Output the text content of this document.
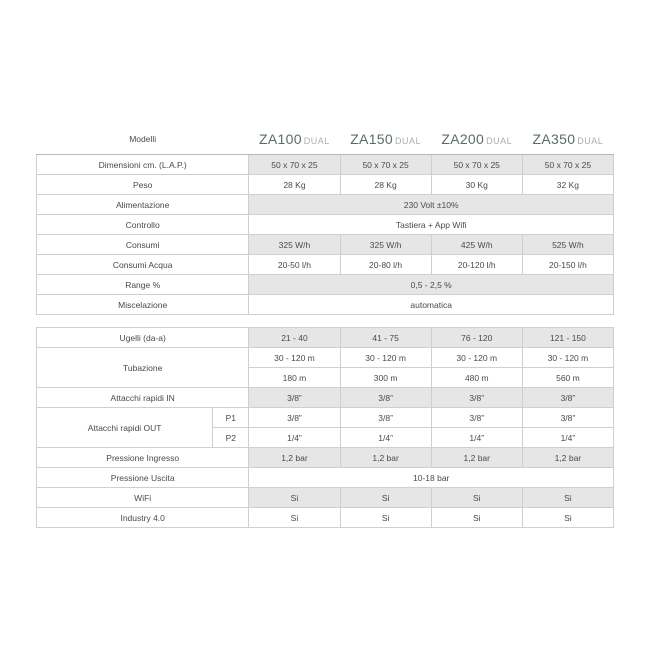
Modelli		ZA100 DUAL	ZA150 DUAL	ZA200 DUAL	ZA350 DUAL
Dimensioni cm. (L.A.P.)		50 x 70 x 25	50 x 70 x 25	50 x 70 x 25	50 x 70 x 25
Peso		28 Kg	28 Kg	30 Kg	32 Kg
Alimentazione		230 Volt ±10%			
Controllo		Tastiera + App Wifi			
Consumi		325 W/h	325 W/h	425 W/h	525 W/h
Consumi Acqua		20-50 l/h	20-80 l/h	20-120 l/h	20-150 l/h
Range %		0,5 - 2,5 %			
Miscelazione		automatica			

Ugelli (da-a)		21 - 40	41 - 75	76 - 120	121 - 150
Tubazione		30 - 120 m	30 - 120 m	30 - 120 m	30 - 120 m
		180 m	300 m	480 m	560 m
Attacchi rapidi IN		3/8”	3/8”	3/8”	3/8”
Attacchi rapidi OUT	P1	3/8”	3/8”	3/8”	3/8”
	P2	1/4”	1/4”	1/4”	1/4”
Pressione Ingresso		1,2 bar	1,2 bar	1,2 bar	1,2 bar
Pressione Uscita		10-18 bar			
WiFi		Si	Si	Si	Si
Industry 4.0		Si	Si	Si	Si
